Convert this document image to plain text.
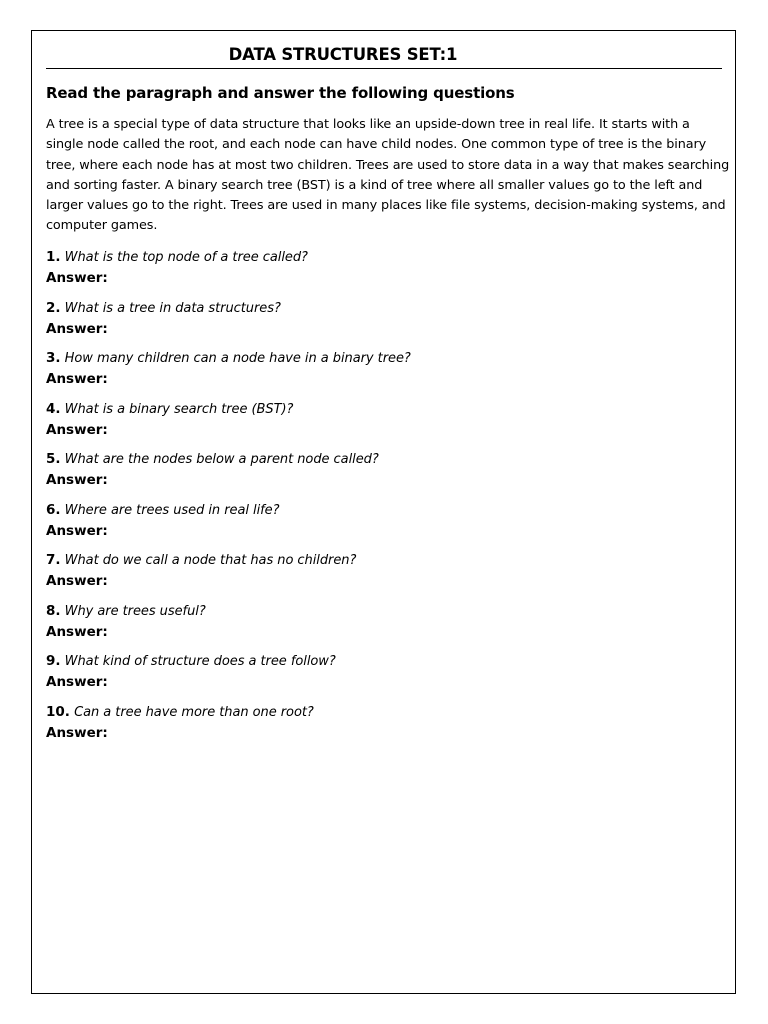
DATA STRUCTURES SET:1
Read the paragraph and answer the following questions
A tree is a special type of data structure that looks like an upside-down tree in real life. It starts with a
single node called the root, and each node can have child nodes. One common type of tree is the binary
tree, where each node has at most two children. Trees are used to store data in a way that makes searching
and sorting faster. A binary search tree (BST) is a kind of tree where all smaller values go to the left and
larger values go to the right. Trees are used in many places like file systems, decision-making systems, and
computer games.
1. What is the top node of a tree called?
Answer:
2. What is a tree in data structures?
Answer:
3. How many children can a node have in a binary tree?
Answer:
4. What is a binary search tree (BST)?
Answer:
5. What are the nodes below a parent node called?
Answer:
6. Where are trees used in real life?
Answer:
7. What do we call a node that has no children?
Answer:
8. Why are trees useful?
Answer:
9. What kind of structure does a tree follow?
Answer:
10. Can a tree have more than one root?
Answer:
